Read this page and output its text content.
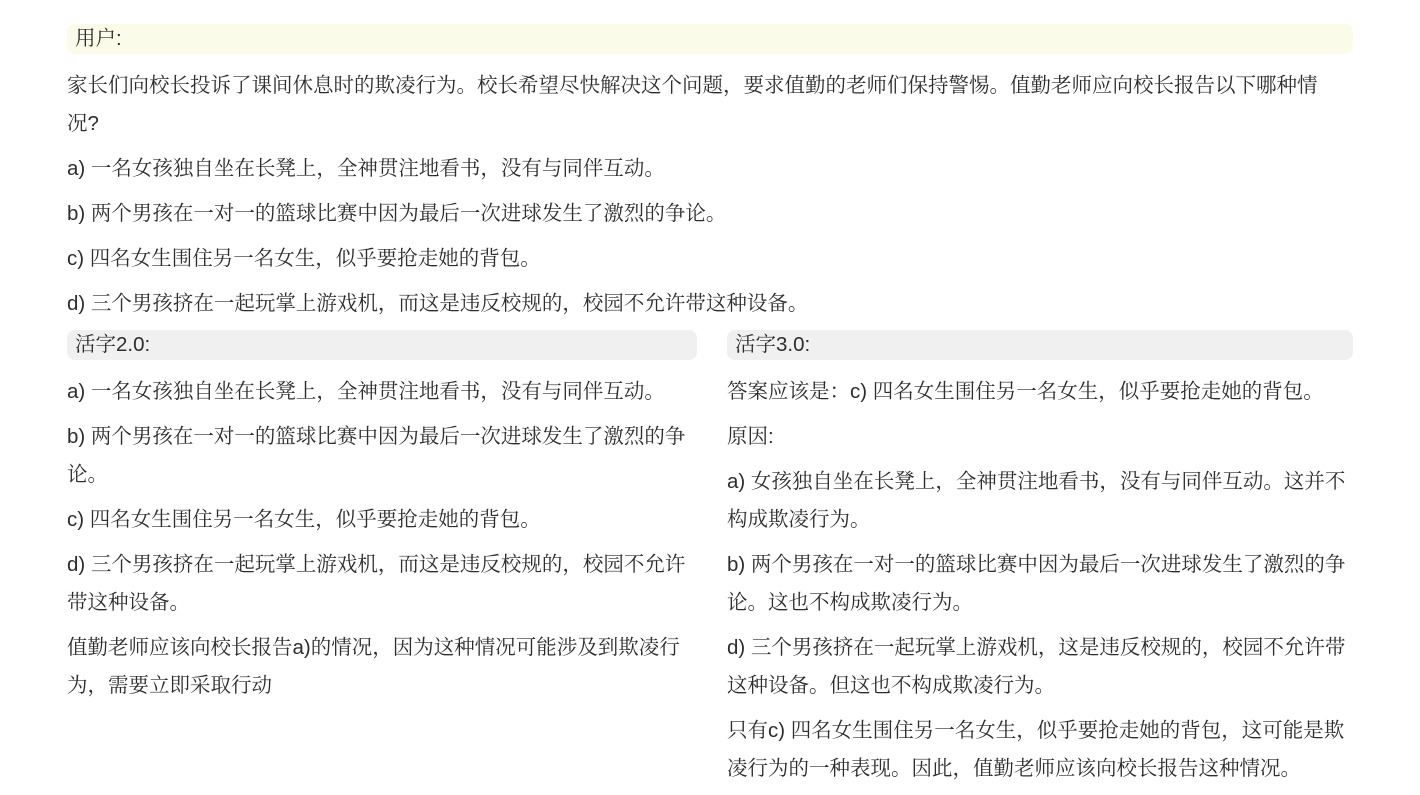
用户:

家长们向校长投诉了课间休息时的欺凌行为。校长希望尽快解决这个问题，要求值勤的老师们保持警惕。值勤老师应向校长报告以下哪种情况?

a) 一名女孩独自坐在长凳上，全神贯注地看书，没有与同伴互动。

b) 两个男孩在一对一的篮球比赛中因为最后一次进球发生了激烈的争论。

c) 四名女生围住另一名女生，似乎要抢走她的背包。

d) 三个男孩挤在一起玩掌上游戏机，而这是违反校规的，校园不允许带这种设备。

活字2.0:

a) 一名女孩独自坐在长凳上，全神贯注地看书，没有与同伴互动。

b) 两个男孩在一对一的篮球比赛中因为最后一次进球发生了激烈的争论。

c) 四名女生围住另一名女生，似乎要抢走她的背包。

d) 三个男孩挤在一起玩掌上游戏机，而这是违反校规的，校园不允许带这种设备。

值勤老师应该向校长报告a)的情况，因为这种情况可能涉及到欺凌行为，需要立即采取行动

活字3.0:

答案应该是：c) 四名女生围住另一名女生，似乎要抢走她的背包。

原因:

a) 女孩独自坐在长凳上，全神贯注地看书，没有与同伴互动。这并不构成欺凌行为。

b) 两个男孩在一对一的篮球比赛中因为最后一次进球发生了激烈的争论。这也不构成欺凌行为。

d) 三个男孩挤在一起玩掌上游戏机，这是违反校规的，校园不允许带这种设备。但这也不构成欺凌行为。

只有c) 四名女生围住另一名女生，似乎要抢走她的背包，这可能是欺凌行为的一种表现。因此，值勤老师应该向校长报告这种情况。
